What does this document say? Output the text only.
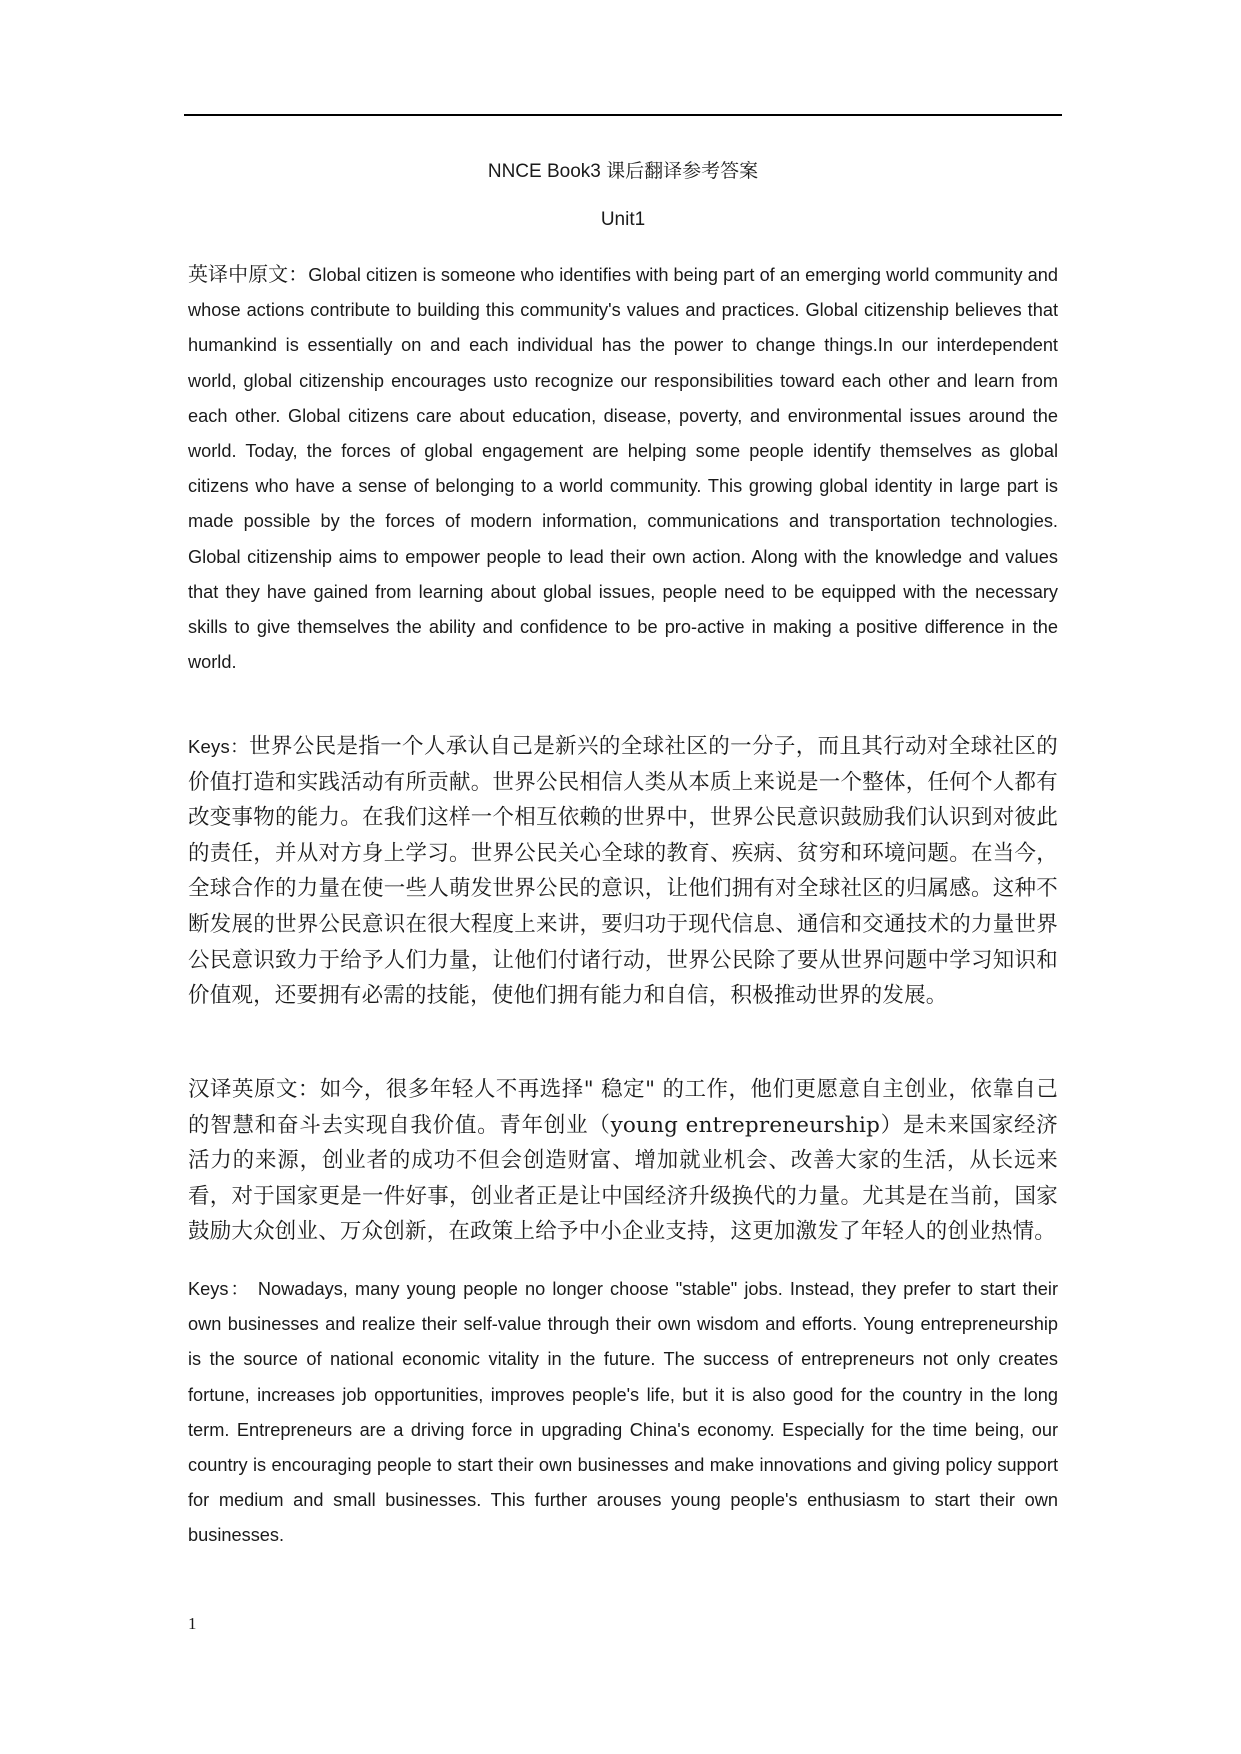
NNCE Book3 课后翻译参考答案
Unit1

英译中原文：Global citizen is someone who identifies with being part of an emerging world community and whose actions contribute to building this community's values and practices. Global citizenship believes that humankind is essentially on and each individual has the power to change things.In our interdependent world, global citizenship encourages usto recognize our responsibilities toward each other and learn from each other. Global citizens care about education, disease, poverty, and environmental issues around the world. Today, the forces of global engagement are helping some people identify themselves as global citizens who have a sense of belonging to a world community. This growing global identity in large part is made possible by the forces of modern information, communications and transportation technologies. Global citizenship aims to empower people to lead their own action. Along with the knowledge and values that they have gained from learning about global issues, people need to be equipped with the necessary skills to give themselves the ability and confidence to be pro-active in making a positive difference in the world.

Keys：世界公民是指一个人承认自己是新兴的全球社区的一分子，而且其行动对全球社区的价值打造和实践活动有所贡献。世界公民相信人类从本质上来说是一个整体，任何个人都有改变事物的能力。在我们这样一个相互依赖的世界中，世界公民意识鼓励我们认识到对彼此的责任，并从对方身上学习。世界公民关心全球的教育、疾病、贫穷和环境问题。在当今，全球合作的力量在使一些人萌发世界公民的意识，让他们拥有对全球社区的归属感。这种不断发展的世界公民意识在很大程度上来讲，要归功于现代信息、通信和交通技术的力量世界公民意识致力于给予人们力量，让他们付诸行动，世界公民除了要从世界问题中学习知识和价值观，还要拥有必需的技能，使他们拥有能力和自信，积极推动世界的发展。

汉译英原文：如今，很多年轻人不再选择" 稳定" 的工作，他们更愿意自主创业，依靠自己的智慧和奋斗去实现自我价值。青年创业（young entrepreneurship）是未来国家经济活力的来源，创业者的成功不但会创造财富、增加就业机会、改善大家的生活，从长远来看，对于国家更是一件好事，创业者正是让中国经济升级换代的力量。尤其是在当前，国家鼓励大众创业、万众创新，在政策上给予中小企业支持，这更加激发了年轻人的创业热情。

Keys： Nowadays, many young people no longer choose "stable" jobs. Instead, they prefer to start their own businesses and realize their self-value through their own wisdom and efforts. Young entrepreneurship is the source of national economic vitality in the future. The success of entrepreneurs not only creates fortune, increases job opportunities, improves people's life, but it is also good for the country in the long term. Entrepreneurs are a driving force in upgrading China's economy. Especially for the time being, our country is encouraging people to start their own businesses and make innovations and giving policy support for medium and small businesses. This further arouses young people's enthusiasm to start their own businesses.

1
